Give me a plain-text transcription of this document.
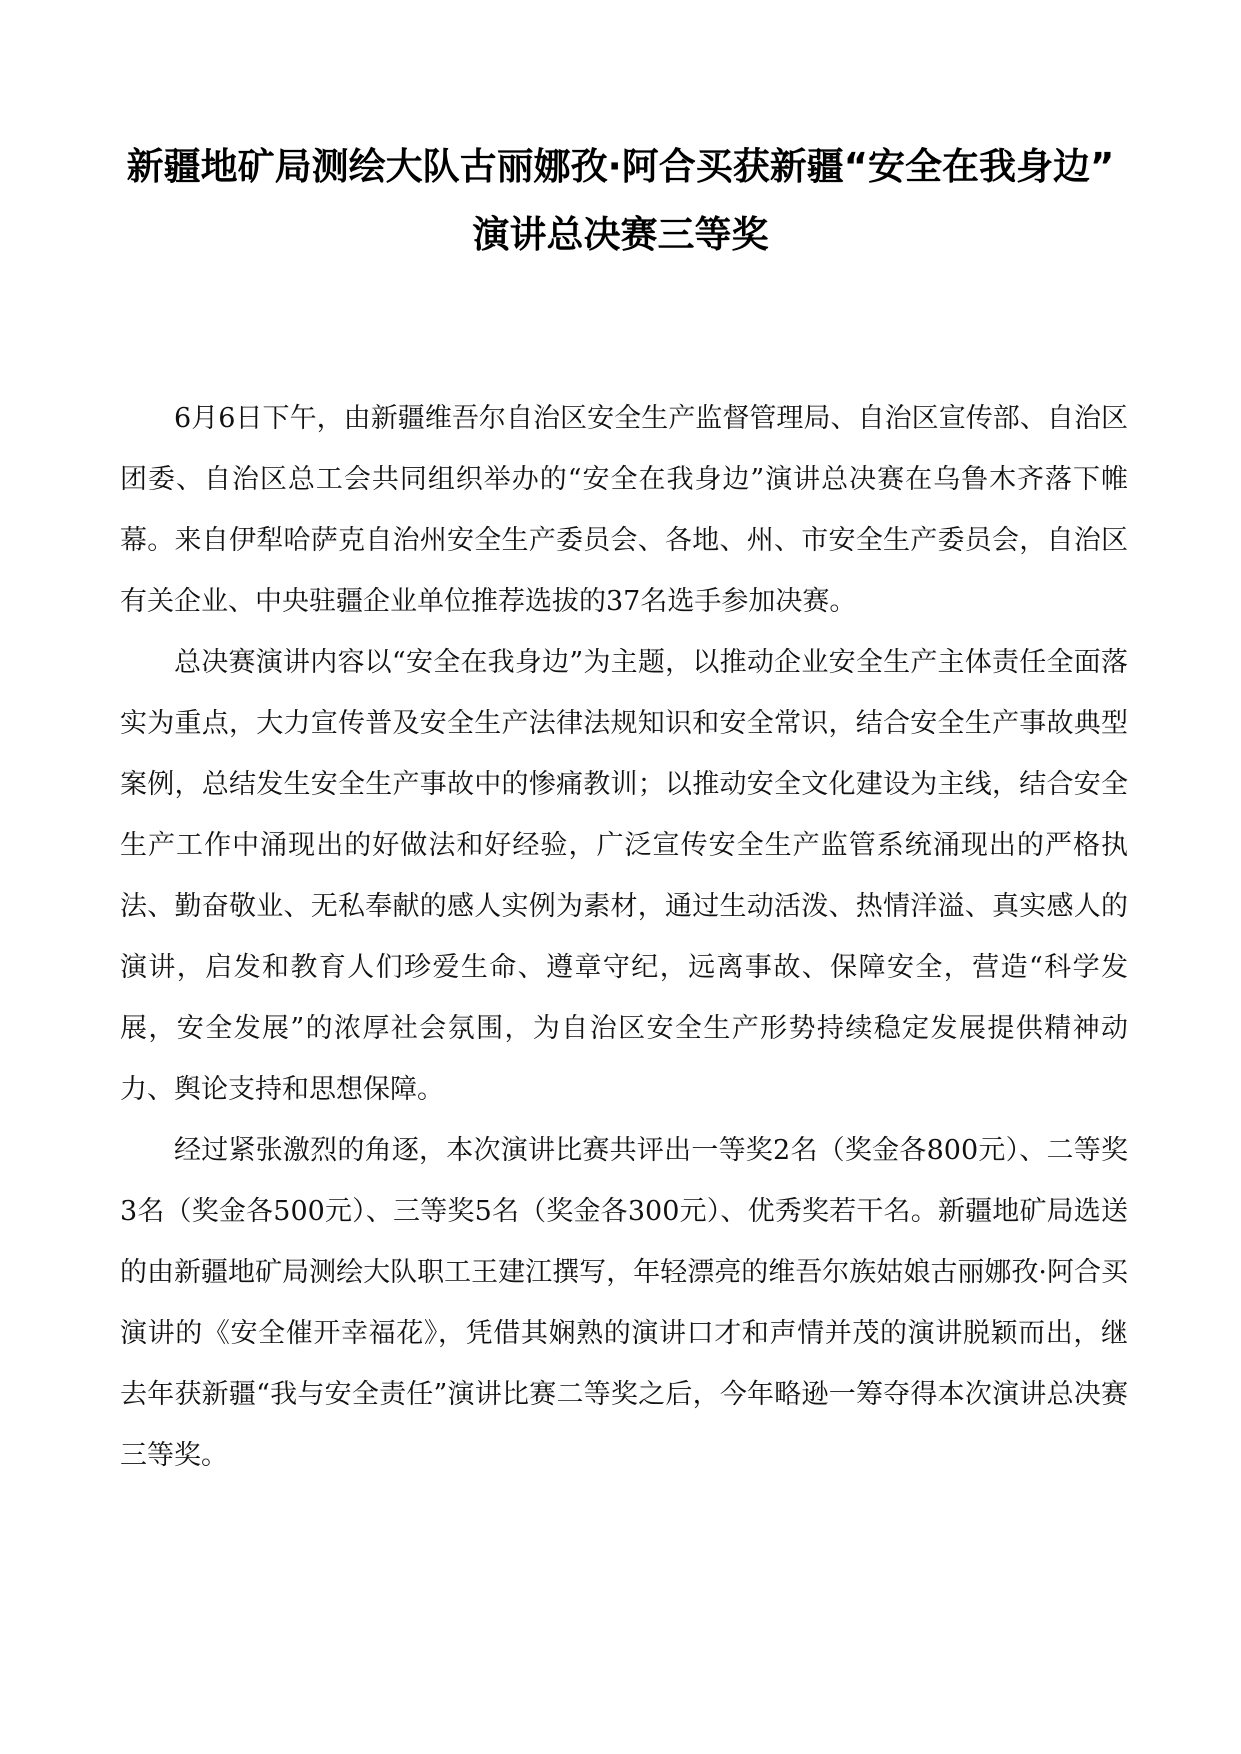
新疆地矿局测绘大队古丽娜孜·阿合买获新疆“安全在我身边”
演讲总决赛三等奖

6月6日下午，由新疆维吾尔自治区安全生产监督管理局、自治区宣传部、自治区团委、自治区总工会共同组织举办的“安全在我身边”演讲总决赛在乌鲁木齐落下帷幕。来自伊犁哈萨克自治州安全生产委员会、各地、州、市安全生产委员会，自治区有关企业、中央驻疆企业单位推荐选拔的37名选手参加决赛。

总决赛演讲内容以“安全在我身边”为主题，以推动企业安全生产主体责任全面落实为重点，大力宣传普及安全生产法律法规知识和安全常识，结合安全生产事故典型案例，总结发生安全生产事故中的惨痛教训；以推动安全文化建设为主线，结合安全生产工作中涌现出的好做法和好经验，广泛宣传安全生产监管系统涌现出的严格执法、勤奋敬业、无私奉献的感人实例为素材，通过生动活泼、热情洋溢、真实感人的演讲，启发和教育人们珍爱生命、遵章守纪，远离事故、保障安全，营造“科学发展，安全发展”的浓厚社会氛围，为自治区安全生产形势持续稳定发展提供精神动力、舆论支持和思想保障。

经过紧张激烈的角逐，本次演讲比赛共评出一等奖2名（奖金各800元）、二等奖3名（奖金各500元）、三等奖5名（奖金各300元）、优秀奖若干名。新疆地矿局选送的由新疆地矿局测绘大队职工王建江撰写，年轻漂亮的维吾尔族姑娘古丽娜孜·阿合买演讲的《安全催开幸福花》，凭借其娴熟的演讲口才和声情并茂的演讲脱颖而出，继去年获新疆“我与安全责任”演讲比赛二等奖之后，今年略逊一筹夺得本次演讲总决赛三等奖。
